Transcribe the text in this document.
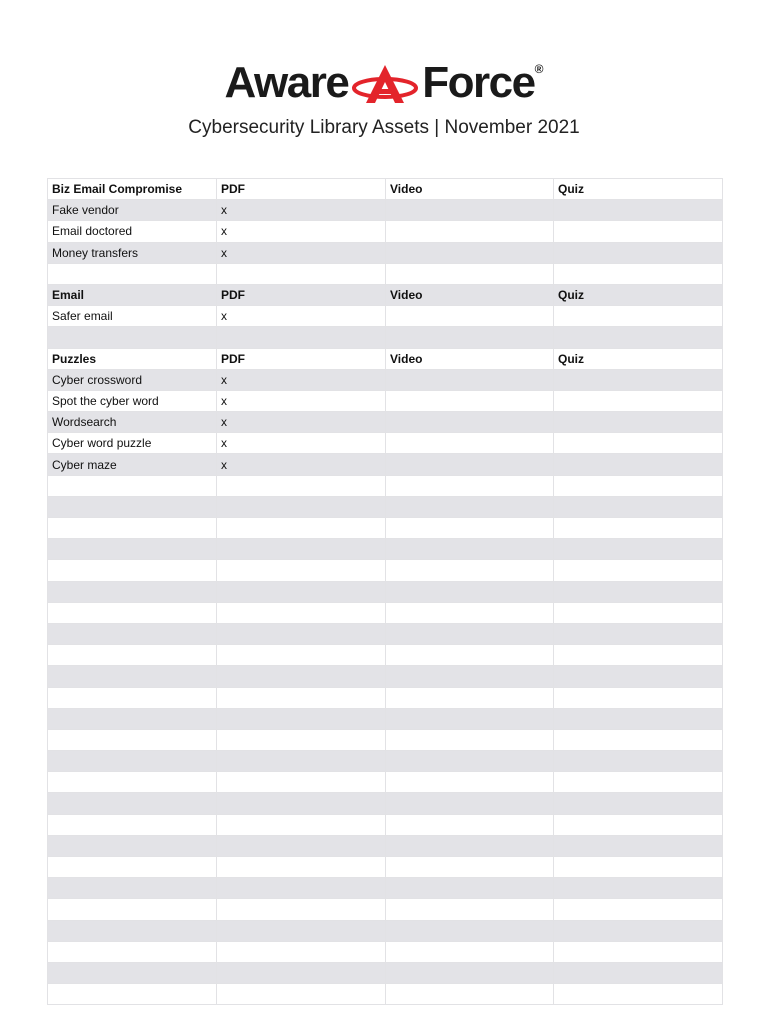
Aware Force ®
Cybersecurity Library Assets | November 2021
Biz Email Compromise	PDF	Video	Quiz
Fake vendor	x		
Email doctored	x		
Money transfers	x		

Email	PDF	Video	Quiz
Safer email	x		

Puzzles	PDF	Video	Quiz
Cyber crossword	x		
Spot the cyber word	x		
Wordsearch	x		
Cyber word puzzle	x		
Cyber maze	x		
